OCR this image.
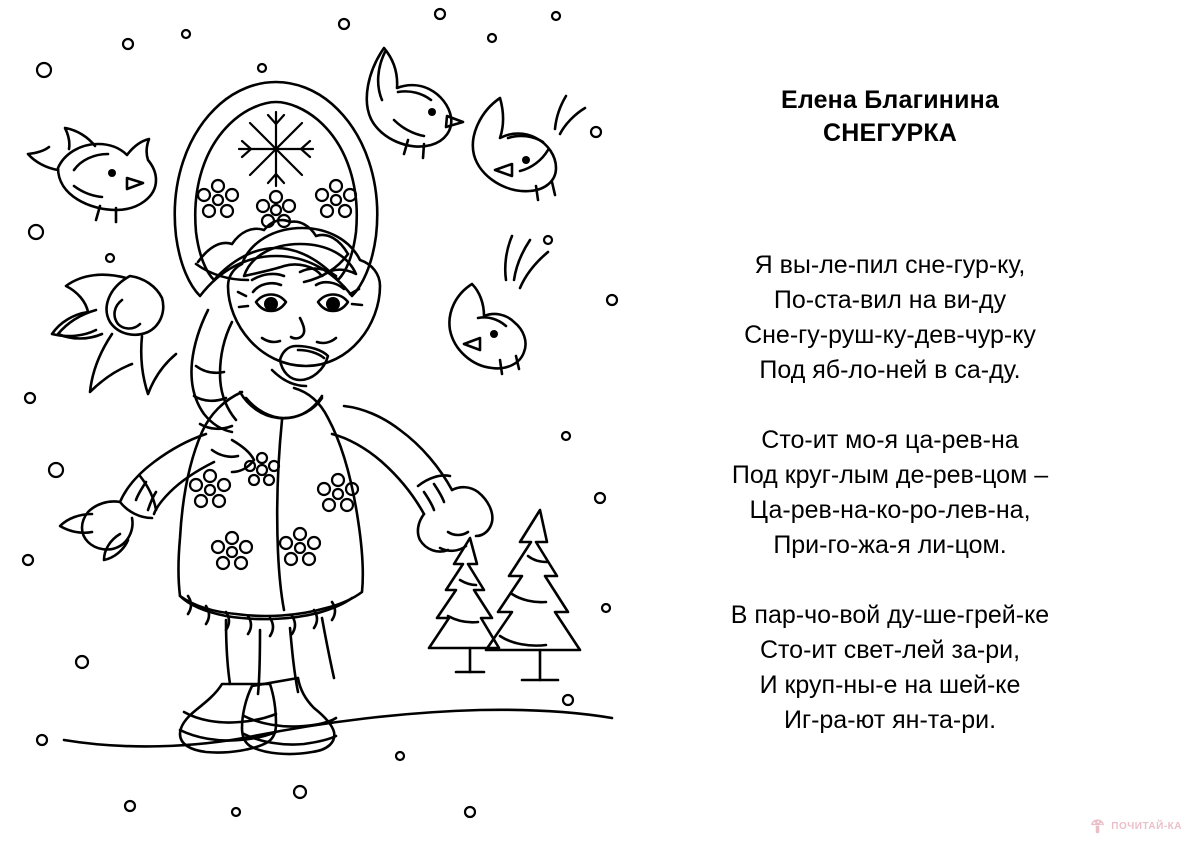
Елена Благинина
СНЕГУРКА
Я вы-ле-пил сне-гур-ку,
По-ста-вил на ви-ду
Сне-гу-руш-ку-дев-чур-ку
Под яб-ло-ней в са-ду.
Сто-ит мо-я ца-рев-на
Под круг-лым де-рев-цом –
Ца-рев-на-ко-ро-лев-на,
При-го-жа-я ли-цом.
В пар-чо-вой ду-ше-грей-ке
Сто-ит свет-лей за-ри,
И круп-ны-е на шей-ке
Иг-ра-ют ян-та-ри.
ПОЧИТАЙ-КА
